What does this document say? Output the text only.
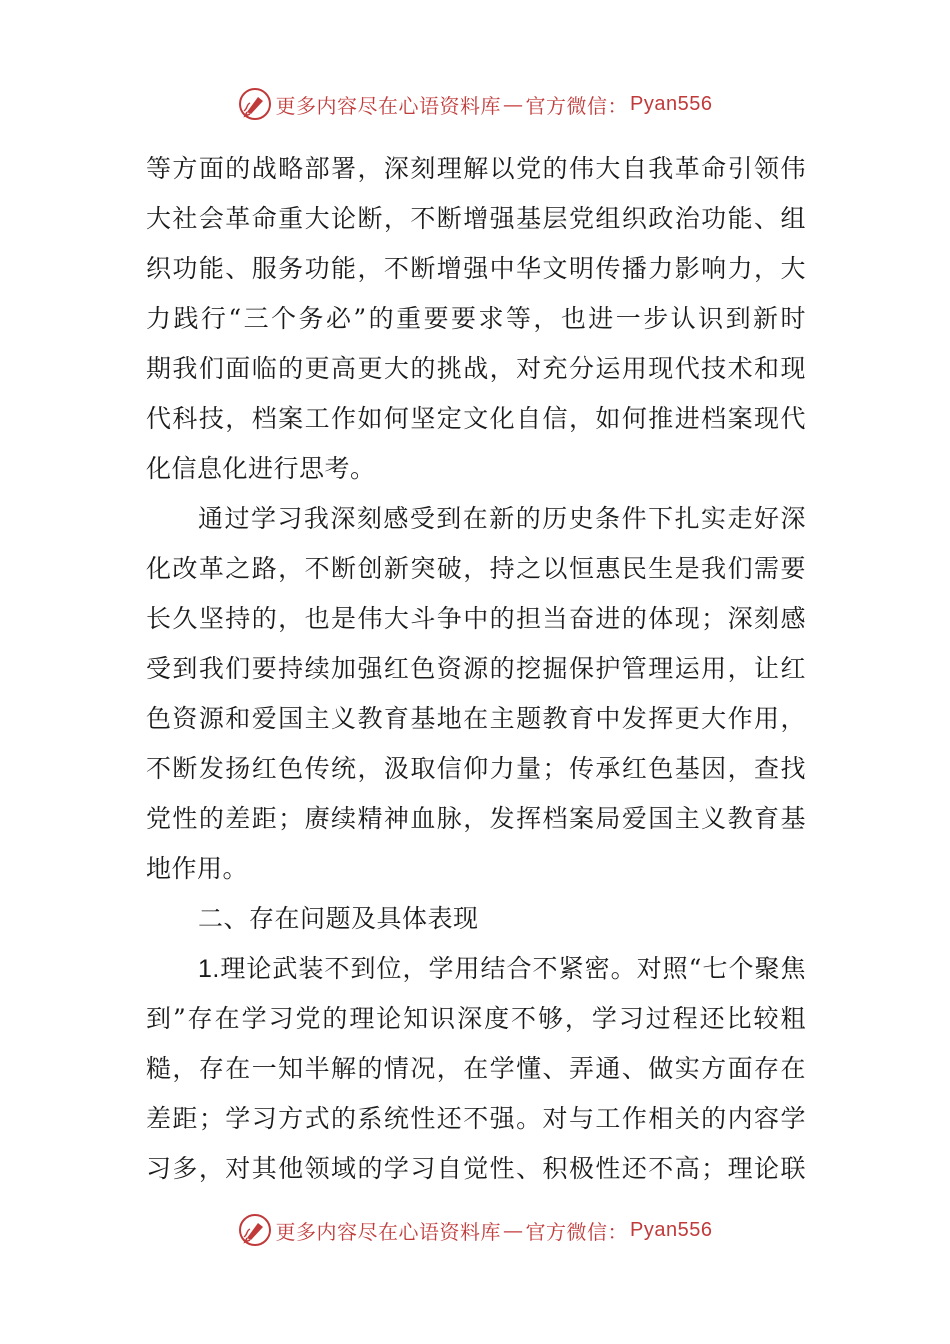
更多内容尽在心语资料库 — 官方微信： Pyan556
等方面的战略部署，深刻理解以党的伟大自我革命引领伟
大社会革命重大论断，不断增强基层党组织政治功能、组
织功能、服务功能，不断增强中华文明传播力影响力，大
力践行“三个务必”的重要要求等，也进一步认识到新时
期我们面临的更高更大的挑战，对充分运用现代技术和现
代科技，档案工作如何坚定文化自信，如何推进档案现代
化信息化进行思考。
通过学习我深刻感受到在新的历史条件下扎实走好深
化改革之路，不断创新突破，持之以恒惠民生是我们需要
长久坚持的，也是伟大斗争中的担当奋进的体现；深刻感
受到我们要持续加强红色资源的挖掘保护管理运用，让红
色资源和爱国主义教育基地在主题教育中发挥更大作用，
不断发扬红色传统，汲取信仰力量；传承红色基因，查找
党性的差距；赓续精神血脉，发挥档案局爱国主义教育基
地作用。
二、存在问题及具体表现
1.理论武装不到位，学用结合不紧密。对照“七个聚焦
到”存在学习党的理论知识深度不够，学习过程还比较粗
糙，存在一知半解的情况，在学懂、弄通、做实方面存在
差距；学习方式的系统性还不强。对与工作相关的内容学
习多，对其他领域的学习自觉性、积极性还不高；理论联
更多内容尽在心语资料库 — 官方微信： Pyan556
